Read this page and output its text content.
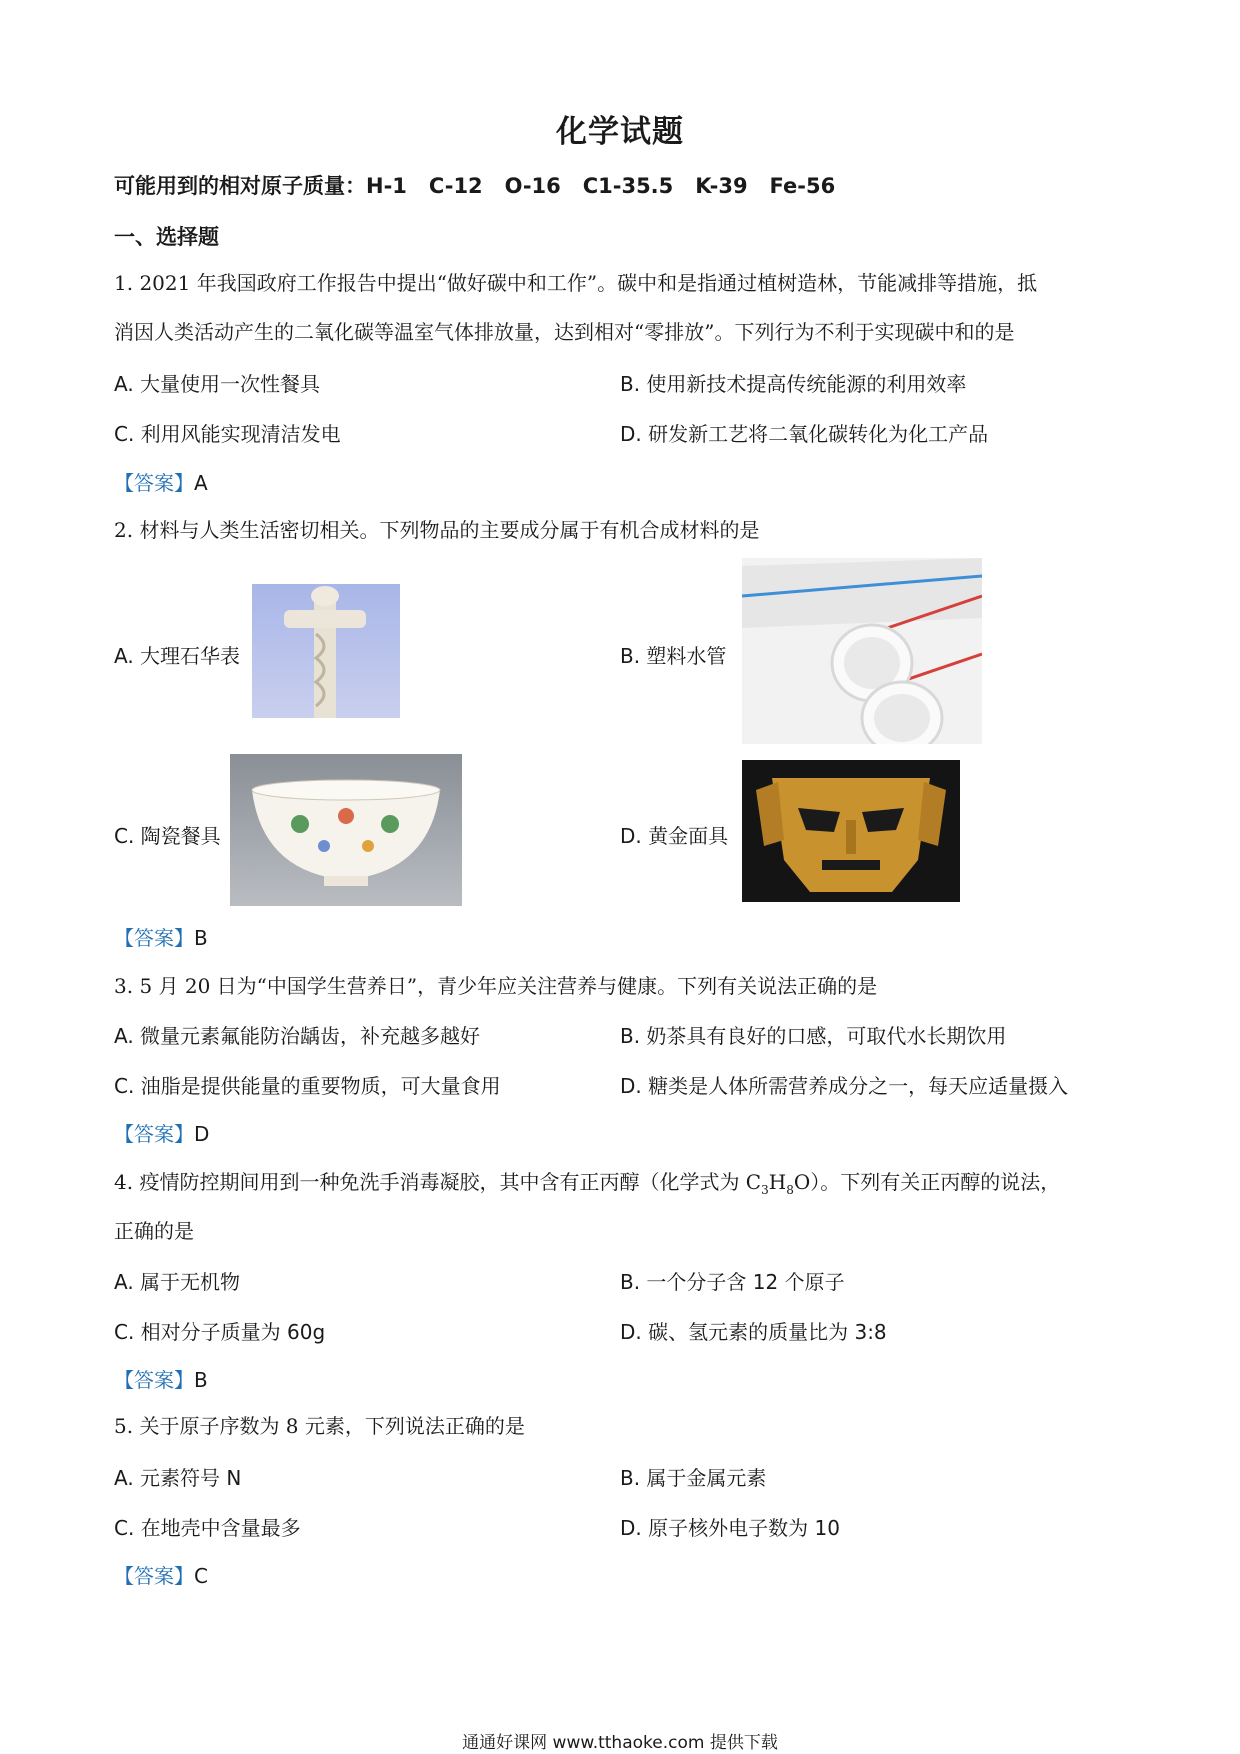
化学试题
可能用到的相对原子质量：H-1   C-12   O-16   C1-35.5   K-39   Fe-56
一、选择题
1. 2021 年我国政府工作报告中提出“做好碳中和工作”。碳中和是指通过植树造林，节能减排等措施，抵
消因人类活动产生的二氧化碳等温室气体排放量，达到相对“零排放”。下列行为不利于实现碳中和的是
A. 大量使用一次性餐具	B. 使用新技术提高传统能源的利用效率
C. 利用风能实现清洁发电	D. 研发新工艺将二氧化碳转化为化工产品
【答案】A
2. 材料与人类生活密切相关。下列物品的主要成分属于有机合成材料的是
A. 大理石华表	B. 塑料水管
C. 陶瓷餐具	D. 黄金面具
【答案】B
3. 5 月 20 日为“中国学生营养日”，青少年应关注营养与健康。下列有关说法正确的是
A. 微量元素氟能防治龋齿，补充越多越好	B. 奶茶具有良好的口感，可取代水长期饮用
C. 油脂是提供能量的重要物质，可大量食用	D. 糖类是人体所需营养成分之一，每天应适量摄入
【答案】D
4. 疫情防控期间用到一种免洗手消毒凝胶，其中含有正丙醇（化学式为 $C_3H_8O$）。下列有关正丙醇的说法，
正确的是
A. 属于无机物	B. 一个分子含 12 个原子
C. 相对分子质量为 60g	D. 碳、氢元素的质量比为 3:8
【答案】B
5. 关于原子序数为 8 元素，下列说法正确的是
A. 元素符号 N	B. 属于金属元素
C. 在地壳中含量最多	D. 原子核外电子数为 10
【答案】C
通通好课网 www.tthaoke.com 提供下载
